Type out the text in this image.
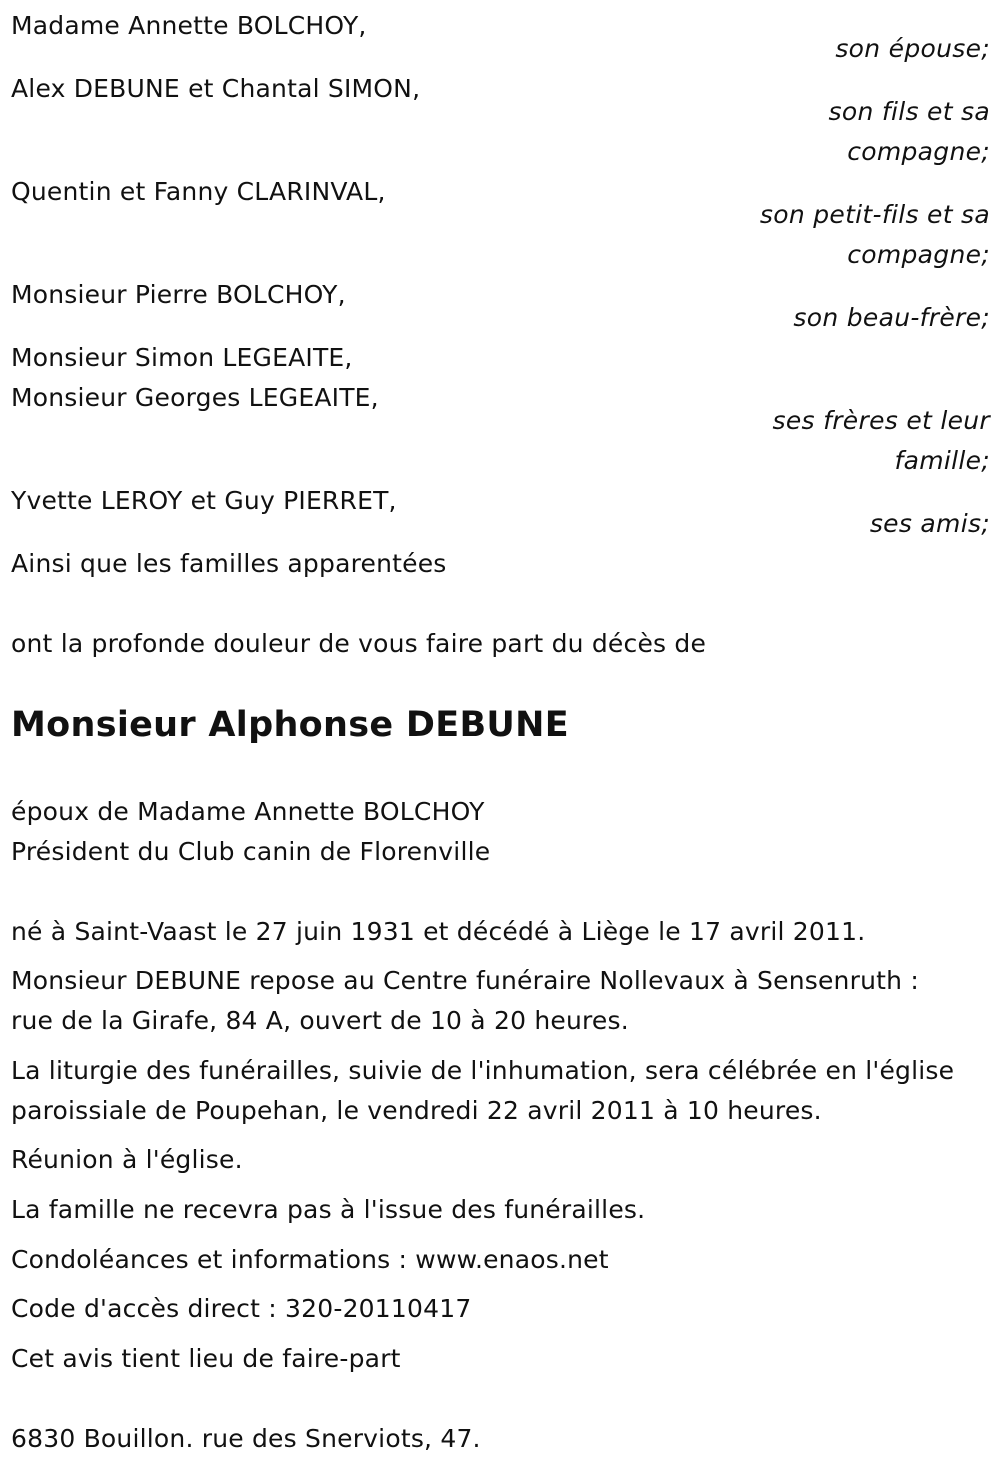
Madame Annette BOLCHOY,
son épouse;
Alex DEBUNE et Chantal SIMON,
son fils et sa
compagne;
Quentin et Fanny CLARINVAL,
son petit-fils et sa
compagne;
Monsieur Pierre BOLCHOY,
son beau-frère;
Monsieur Simon LEGEAITE,
Monsieur Georges LEGEAITE,
ses frères et leur
famille;
Yvette LEROY et Guy PIERRET,
ses amis;
Ainsi que les familles apparentées
ont la profonde douleur de vous faire part du décès de
Monsieur Alphonse DEBUNE
époux de Madame Annette BOLCHOY
Président du Club canin de Florenville
né à Saint-Vaast le 27 juin 1931 et décédé à Liège le 17 avril 2011.
Monsieur DEBUNE repose au Centre funéraire Nollevaux à Sensenruth :
rue de la Girafe, 84 A, ouvert de 10 à 20 heures.
La liturgie des funérailles, suivie de l'inhumation, sera célébrée en l'église
paroissiale de Poupehan, le vendredi 22 avril 2011 à 10 heures.
Réunion à l'église.
La famille ne recevra pas à l'issue des funérailles.
Condoléances et informations : www.enaos.net
Code d'accès direct : 320-20110417
Cet avis tient lieu de faire-part
6830 Bouillon. rue des Snerviots, 47.
